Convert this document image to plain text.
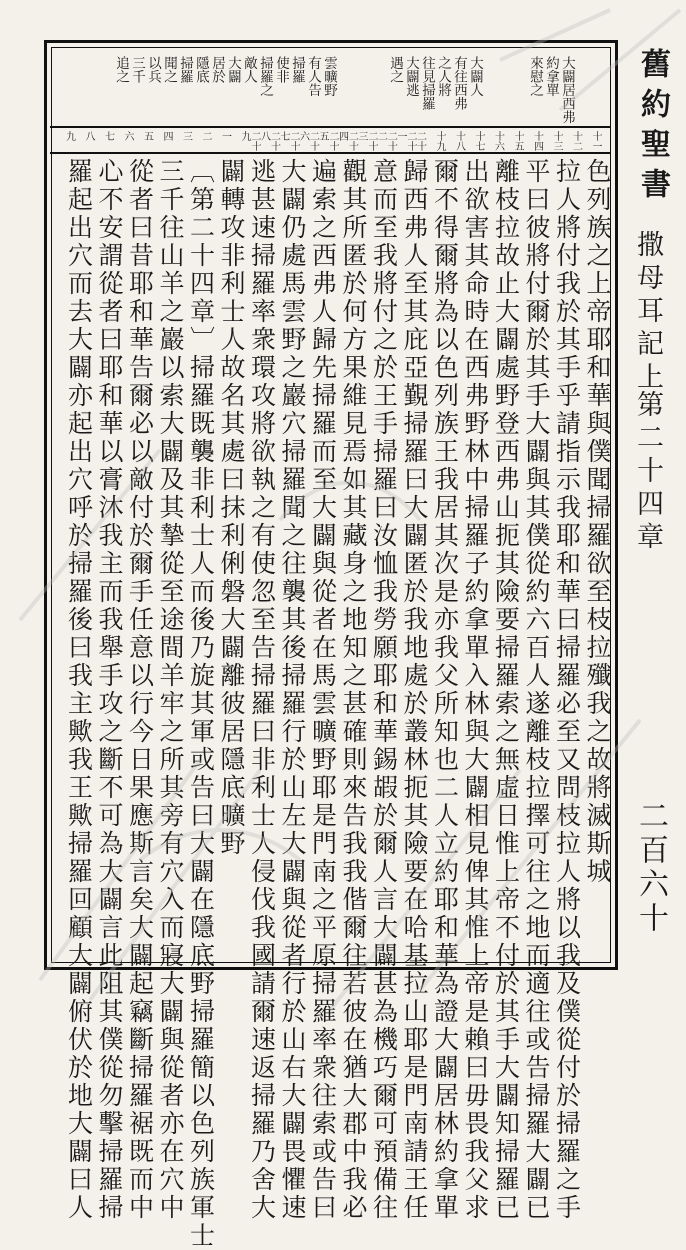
大闢居西弗
約拿單
來慰之
大闢人
有往西弗
之人將
往見掃羅
大闢逃
遇之
雲曠野
有人告
掃羅
使非
掃羅之
敵人
大闢
居於
隱底
掃羅
聞之
以兵
三千
追之
十一
十二
十三
十四
十五
十六
十七
十八
十九
二十
二十一
二十二
二十三
二十四
二十五
二十六
二十七
二十八
二十九
一
二
三
四
五
六
七
八
九
色列族之上帝耶和華與僕聞掃羅欲至枝拉殲我之故將滅斯城
拉人將付我於其手乎請指示我耶和華曰掃羅必至又問枝拉人將以我及僕從付於掃羅之手
平曰彼將付爾於其手大闢與其僕從約六百人遂離枝拉擇可往之地而適往或告掃羅大闢已
離枝拉故止大闢處野登西弗山扼其險要掃羅索之無虛日惟上帝不付於其手大闢知掃羅已
出欲害其命時在西弗野林中掃羅子約拿單入林與大闢相見俾其惟上帝是賴曰毋畏我父求
爾不得爾將為以色列族王我居其次是亦我父所知也二人立約耶和華為證大闢居林約拿單
歸西弗人至其庇亞覲掃羅曰大闢匿於我地處於叢林扼其險要在哈基拉山耶是門南請王任
意而至我將付之於王手掃羅曰汝恤我勞願耶和華錫嘏於爾人言大闢甚為機巧爾可預備往
觀其所匿於何方果維見焉如其藏身之地知之甚確則來告我我偕爾往若彼在猶大郡中我必
遍索之西弗人歸先掃羅而至大闢與從者在馬雲曠野耶是門南之平原掃羅率衆往索或告曰
大闢仍處馬雲野之巖穴掃羅聞之往襲其後掃羅行於山左大闢與從者行於山右大闢畏懼速
逃甚速掃羅率衆環攻將欲執之有使忽至告掃羅曰非利士人侵伐我國請爾速返掃羅乃舍大
闢轉攻非利士人故名其處曰抹利俐磐大闢離彼居隱底曠野
〔第二十四章〕掃羅既襲非利士人而後乃旋其軍或告曰大闢在隱底野掃羅簡以色列族軍士
三千往山羊之巖以索大闢及其摯從至途間羊牢之所其旁有穴入而寢大闢與從者亦在穴中
從者曰昔耶和華告爾必以敵付於爾手任意以行今日果應斯言矣大闢起竊斷掃羅裾既而中
心不安謂從者曰耶和華以膏沐我主而我舉手攻之斷不可為大闢言此阻其僕從勿擊掃羅掃
羅起出穴而去大闢亦起出穴呼於掃羅後曰我主歟我王歟掃羅回顧大闢俯伏於地大闢曰人
舊約聖書
撒母耳記上
第二十四章
二百六十
